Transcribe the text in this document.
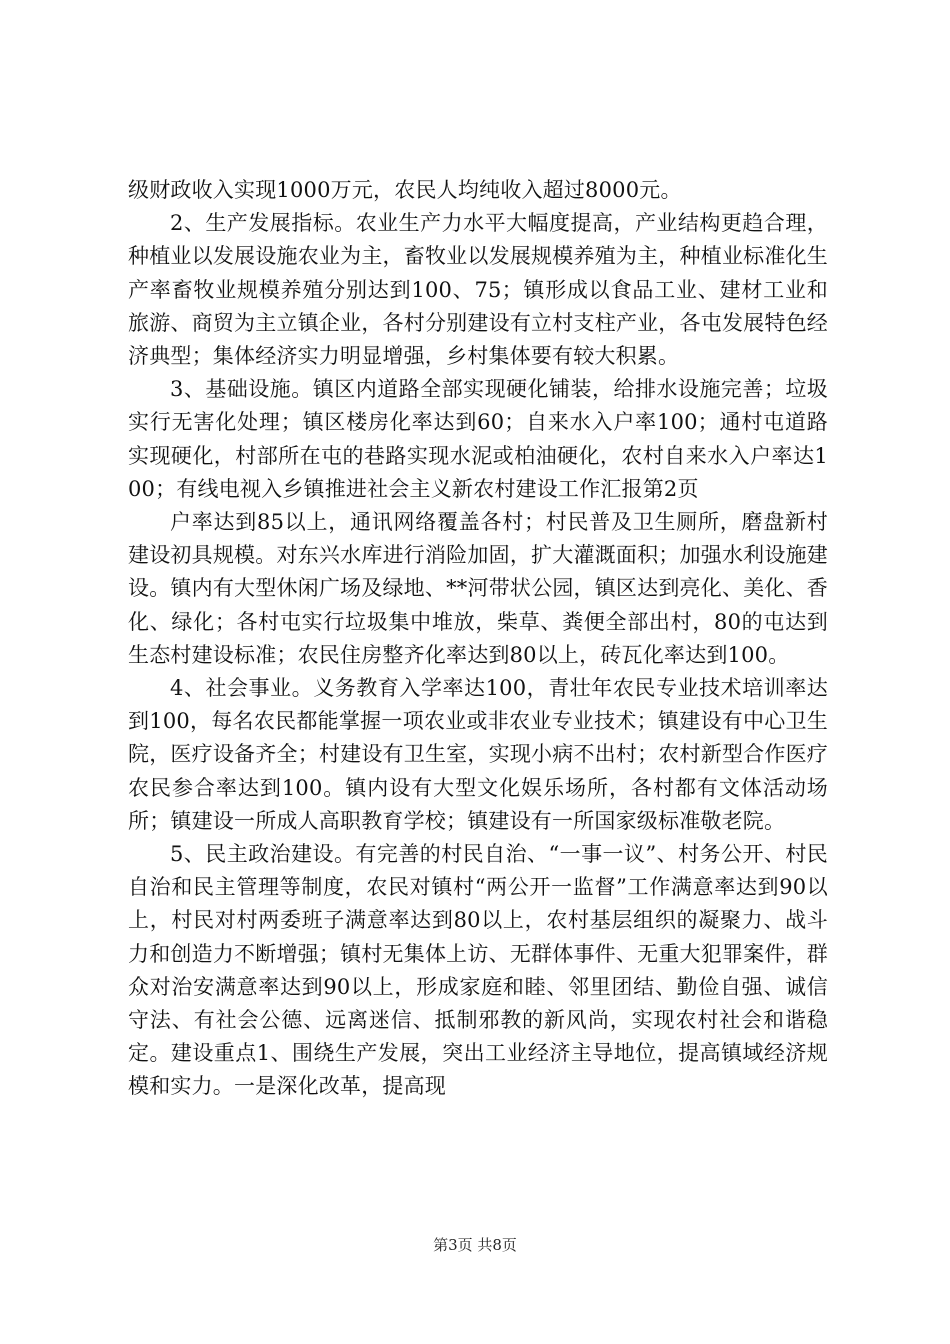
级财政收入实现1000万元，农民人均纯收入超过8000元。

2、生产发展指标。农业生产力水平大幅度提高，产业结构更趋合理，种植业以发展设施农业为主，畜牧业以发展规模养殖为主，种植业标准化生产率畜牧业规模养殖分别达到100、75；镇形成以食品工业、建材工业和旅游、商贸为主立镇企业，各村分别建设有立村支柱产业，各屯发展特色经济典型；集体经济实力明显增强，乡村集体要有较大积累。

3、基础设施。镇区内道路全部实现硬化铺装，给排水设施完善；垃圾实行无害化处理；镇区楼房化率达到60；自来水入户率100；通村屯道路实现硬化，村部所在屯的巷路实现水泥或柏油硬化，农村自来水入户率达100；有线电视入乡镇推进社会主义新农村建设工作汇报第2页

户率达到85以上，通讯网络覆盖各村；村民普及卫生厕所，磨盘新村建设初具规模。对东兴水库进行消险加固，扩大灌溉面积；加强水利设施建设。镇内有大型休闲广场及绿地、**河带状公园，镇区达到亮化、美化、香化、绿化；各村屯实行垃圾集中堆放，柴草、粪便全部出村，80的屯达到生态村建设标准；农民住房整齐化率达到80以上，砖瓦化率达到100。

4、社会事业。义务教育入学率达100，青壮年农民专业技术培训率达到100，每名农民都能掌握一项农业或非农业专业技术；镇建设有中心卫生院，医疗设备齐全；村建设有卫生室，实现小病不出村；农村新型合作医疗农民参合率达到100。镇内设有大型文化娱乐场所，各村都有文体活动场所；镇建设一所成人高职教育学校；镇建设有一所国家级标准敬老院。

5、民主政治建设。有完善的村民自治、“一事一议”、村务公开、村民自治和民主管理等制度，农民对镇村“两公开一监督”工作满意率达到90以上，村民对村两委班子满意率达到80以上，农村基层组织的凝聚力、战斗力和创造力不断增强；镇村无集体上访、无群体事件、无重大犯罪案件，群众对治安满意率达到90以上，形成家庭和睦、邻里团结、勤俭自强、诚信守法、有社会公德、远离迷信、抵制邪教的新风尚，实现农村社会和谐稳定。建设重点1、围绕生产发展，突出工业经济主导地位，提高镇域经济规模和实力。一是深化改革，提高现

第3页 共8页
